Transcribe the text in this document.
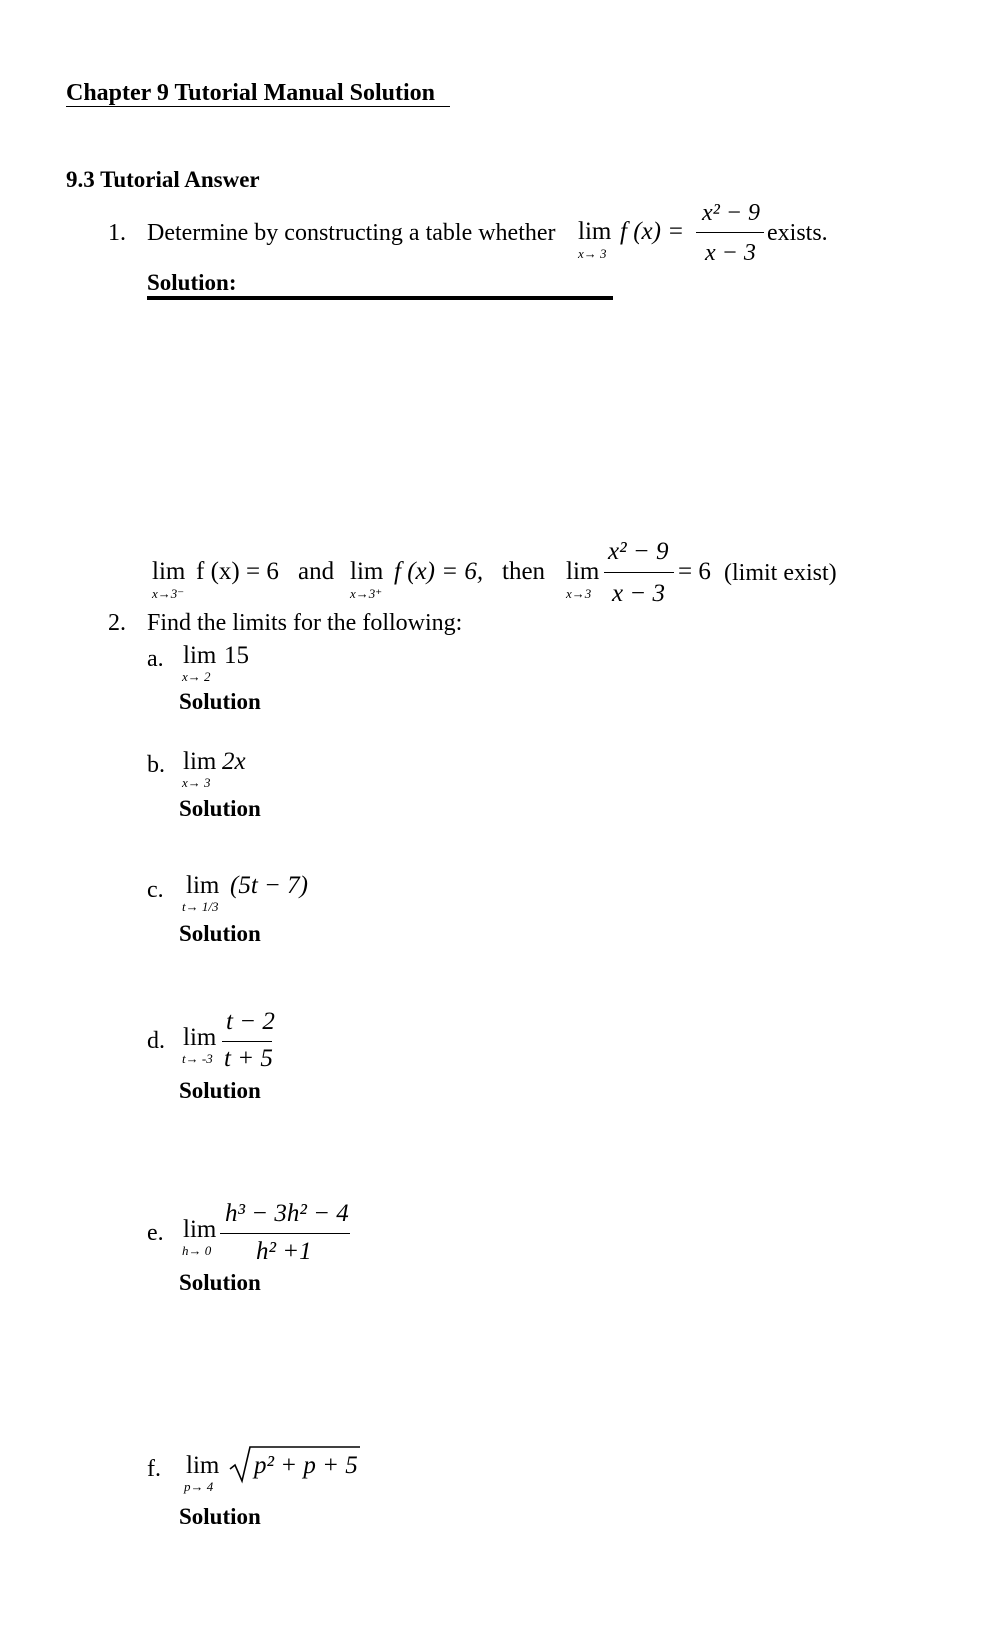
Chapter 9 Tutorial Manual Solution
9.3 Tutorial Answer
1. Determine by constructing a table whether lim
x→ 3
f (x) =
x² − 9
x − 3
exists.
Solution:
lim
x→3⁻
f (x) = 6 and lim
x→3⁺
f (x) = 6, then lim
x→3
x² − 9
x − 3
= 6 (limit exist)
2. Find the limits for the following:
a. lim 15
x→ 2
Solution
b. lim 2x
x→ 3
Solution
c. lim (5t − 7)
t→ 1/3
Solution
d. lim
t→ -3
t − 2
t + 5
Solution
e. lim
h→ 0
h³ − 3h² − 4
h² +1
Solution
f. lim
p→ 4
p² + p + 5
Solution
